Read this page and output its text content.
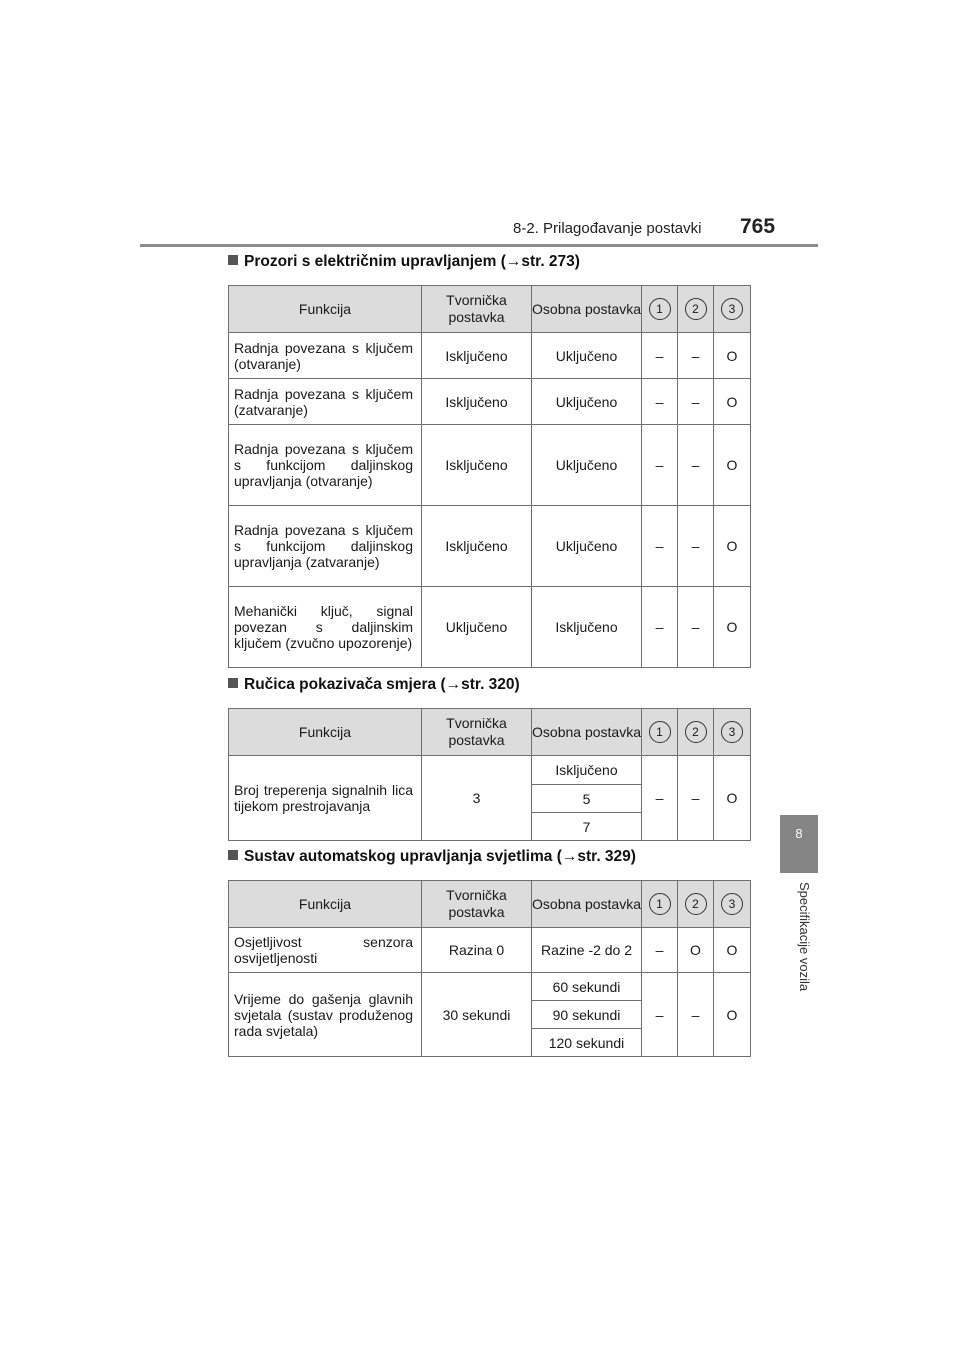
8-2. Prilagođavanje postavki 765
8
Specifikacije vozila
Prozori s električnim upravljanjem (→str. 273)
Funkcija	Tvornička postavka	Osobna postavka	1	2	3
Radnja povezana s ključem (otvaranje)	Isključeno	Uključeno	–	–	O
Radnja povezana s ključem (zatvaranje)	Isključeno	Uključeno	–	–	O
Radnja povezana s ključem s funkcijom daljinskog upravljanja (otvaranje)	Isključeno	Uključeno	–	–	O
Radnja povezana s ključem s funkcijom daljinskog upravljanja (zatvaranje)	Isključeno	Uključeno	–	–	O
Mehanički ključ, signal povezan s daljinskim ključem (zvučno upozorenje)	Uključeno	Isključeno	–	–	O
Ručica pokazivača smjera (→str. 320)
Funkcija	Tvornička postavka	Osobna postavka	1	2	3
Broj treperenja signalnih lica tijekom prestrojavanja	3	Isključeno	–	–	O
		5			
		7			
Sustav automatskog upravljanja svjetlima (→str. 329)
Funkcija	Tvornička postavka	Osobna postavka	1	2	3
Osjetljivost senzora osvijetljenosti	Razina 0	Razine -2 do 2	–	O	O
Vrijeme do gašenja glavnih svjetala (sustav produženog rada svjetala)	30 sekundi	60 sekundi	–	–	O
		90 sekundi			
		120 sekundi			
